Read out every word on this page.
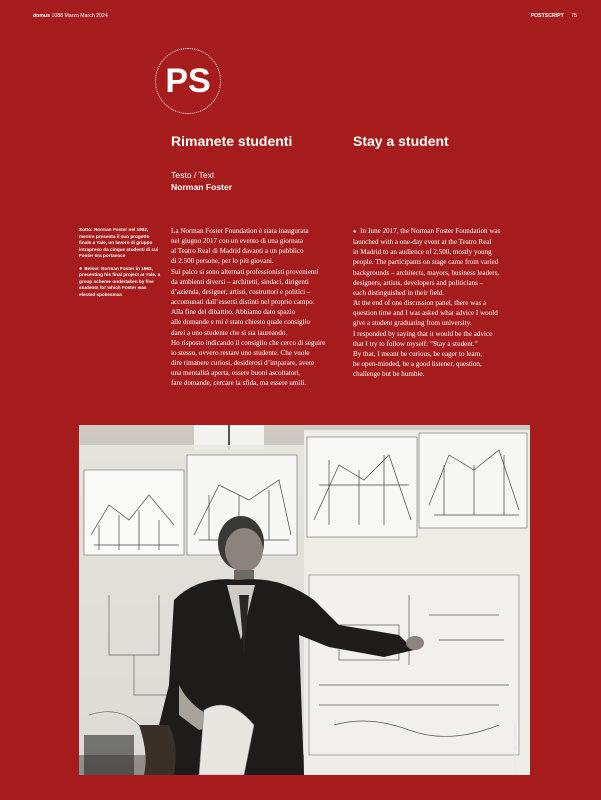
domus 1088 Marzo March 2024	POSTSCRIPT 75
PS
Rimanete studenti	Stay a student
Testo / Text
Norman Foster

Sotto: Norman Foster nel 1962, mentre presenta il suo progetto finale a Yale, un lavoro di gruppo intrapreso da cinque studenti di cui Foster era portavoce

● Below: Norman Foster in 1962, presenting his final project at Yale, a group scheme undertaken by five students for which Foster was elected spokesman

La Norman Foster Foundation è stata inaugurata

nel giugno 2017 con un evento di una giornata

al Teatro Real di Madrid davanti a un pubblico

di 2.500 persone, per lo più giovani.

Sul palco si sono alternati professionisti provenienti

da ambienti diversi – architetti, sindaci, dirigenti

d’azienda, designer, artisti, costruttori e politici –

accomunati dall’essersi distinti nel proprio campo.

Alla fine del dibattito. Abbiamo dato spazio

alle domande e mi è stato chiesto quale consiglio

darei a uno studente che si sta laureando.

Ho risposto indicando il consiglio che cerco di seguire

io stesso, ovvero restare uno studente. Che vuole

dire rimanere curiosi, desiderosi d’imparare, avere

una mentalità aperta, essere buoni ascoltatori,

fare domande, cercare la sfida, ma essere umili.

● In June 2017, the Norman Foster Foundation was

launched with a one-day event at the Teatro Real

in Madrid to an audience of 2,500, mostly young

people. The participants on stage came from varied

backgrounds – architects, mayors, business leaders,

designers, artists, developers and politicians –

each distinguished in their field.

At the end of one discussion panel, there was a

question time and I was asked what advice I would

give a student graduating from university.

I responded by saying that it would be the advice

that I try to follow myself: “Stay a student.”

By that, I meant be curious, be eager to learn,

be open-minded, be a good listener, question,

challenge but be humble.

© Norman Foster Foundation
